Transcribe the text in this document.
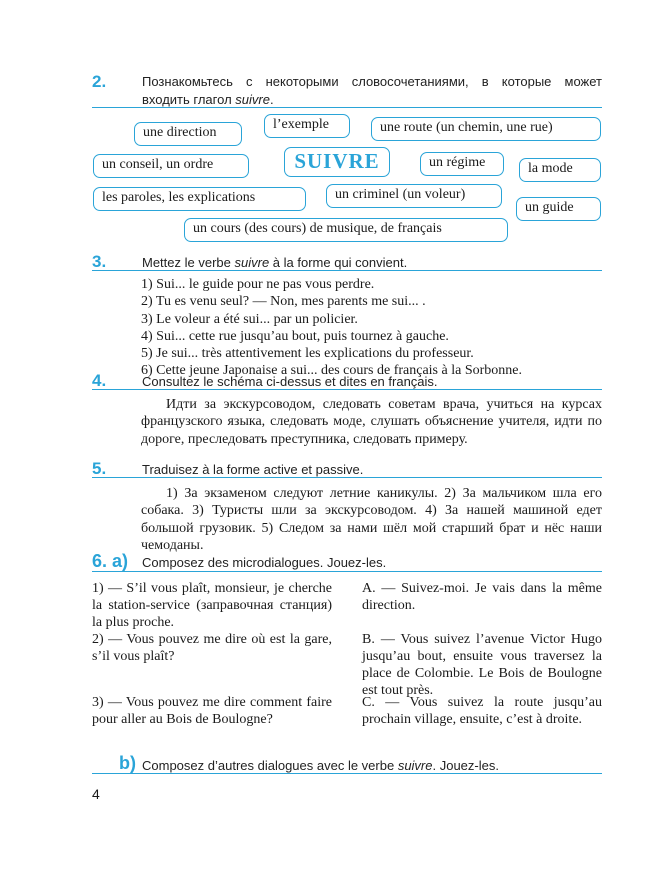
2.	Познакомьтесь с некоторыми словосочетаниями, в которые может
входить глагол suivre.
une direction
l’exemple	une route (un chemin, une rue)
un conseil, un ordre	SUIVRE	un régime	la mode
les paroles, les explications	un criminel (un voleur)
un guide
un cours (des cours) de musique, de français
3.	Mettez le verbe suivre à la forme qui convient.
1) Sui... le guide pour ne pas vous perdre.
2) Tu es venu seul? — Non, mes parents me sui... .
3) Le voleur a été sui... par un policier.
4) Sui... cette rue jusqu’au bout, puis tournez à gauche.
5) Je sui... très attentivement les explications du professeur.
6) Cette jeune Japonaise a sui... des cours de français à la Sorbonne.
4.	Consultez le schéma ci-dessus et dites en français.

Идти за экскурсоводом, следовать советам врача, учиться на курсах французского языка, следовать моде, слушать объяснение учителя, идти по дороге, преследовать преступника, следовать примеру.

5.	Traduisez à la forme active et passive.

1) За экзаменом следуют летние каникулы. 2) За мальчиком шла его собака. 3) Туристы шли за экскурсоводом. 4) За нашей машиной едет большой грузовик. 5) Следом за нами шёл мой старший брат и нёс наши чемоданы.

6. a) Composez des microdialogues. Jouez-les.

1) — S’il vous plaît, monsieur, je cherche la station-service (заправочная станция) la plus proche.

2) — Vous pouvez me dire où est la gare, s’il vous plaît?

3) — Vous pouvez me dire comment faire pour aller au Bois de Boulogne?

A. — Suivez-moi. Je vais dans la même direction.

B. — Vous suivez l’avenue Victor Hugo jusqu’au bout, ensuite vous traversez la place de Colombie. Le Bois de Boulogne est tout près.

C. — Vous suivez la route jusqu’au prochain village, ensuite, c’est à droite.

b) Composez d’autres dialogues avec le verbe suivre. Jouez-les.
4
